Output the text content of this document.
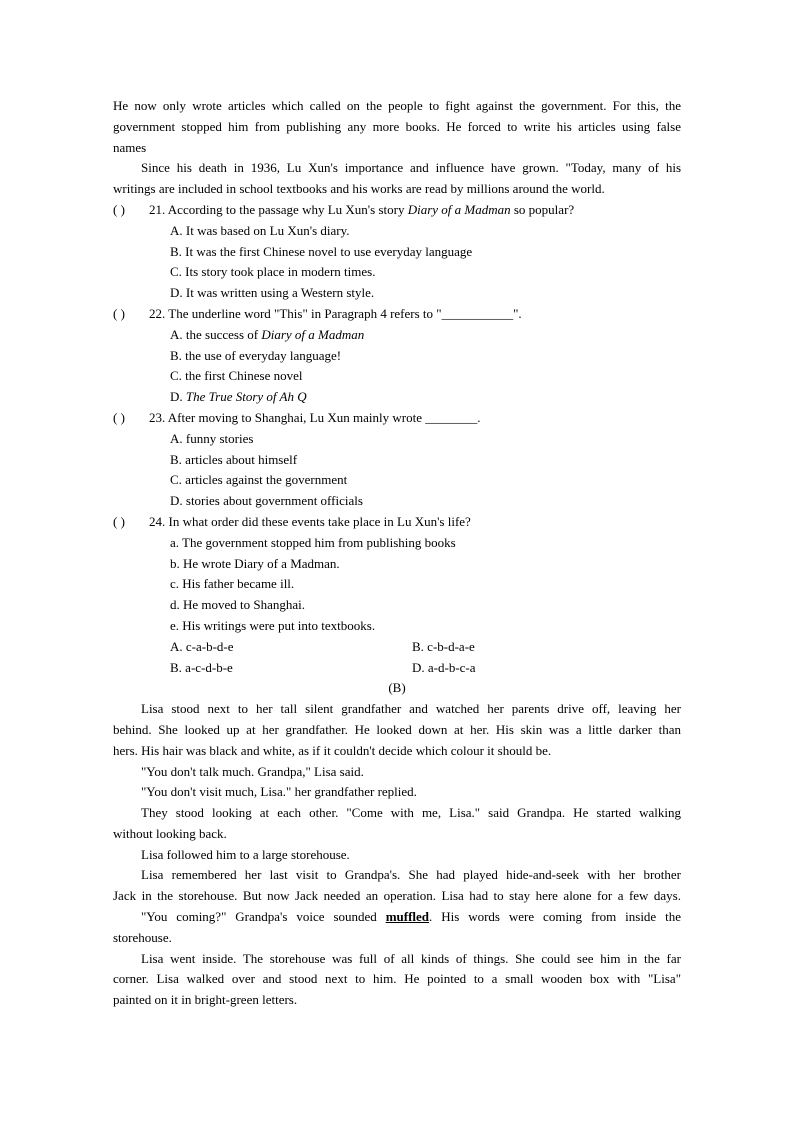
He now only wrote articles which called on the people to fight against the government. For this, the
government stopped him from publishing any more books. He forced to write his articles using false
names
Since his death in 1936, Lu Xun's importance and influence have grown. "Today, many of his
writings are included in school textbooks and his works are read by millions around the world.
( ) 21. According to the passage why Lu Xun's story Diary of a Madman so popular?
A. It was based on Lu Xun's diary.
B. It was the first Chinese novel to use everyday language
C. Its story took place in modern times.
D. It was written using a Western style.
( ) 22. The underline word "This" in Paragraph 4 refers to "___________".
A. the success of Diary of a Madman
B. the use of everyday language!
C. the first Chinese novel
D. The True Story of Ah Q
( ) 23. After moving to Shanghai, Lu Xun mainly wrote ________.
A. funny stories
B. articles about himself
C. articles against the government
D. stories about government officials
( ) 24. In what order did these events take place in Lu Xun's life?
a. The government stopped him from publishing books
b. He wrote Diary of a Madman.
c. His father became ill.
d. He moved to Shanghai.
e. His writings were put into textbooks.
A. c-a-b-d-e	B. c-b-d-a-e
B. a-c-d-b-e	D. a-d-b-c-a
(B)
Lisa stood next to her tall silent grandfather and watched her parents drive off, leaving her
behind. She looked up at her grandfather. He looked down at her. His skin was a little darker than
hers. His hair was black and white, as if it couldn't decide which colour it should be.
"You don't talk much. Grandpa," Lisa said.
"You don't visit much, Lisa." her grandfather replied.
They stood looking at each other. "Come with me, Lisa." said Grandpa. He started walking
without looking back.
Lisa followed him to a large storehouse.
Lisa remembered her last visit to Grandpa's. She had played hide-and-seek with her brother
Jack in the storehouse. But now Jack needed an operation. Lisa had to stay here alone for a few days.
"You coming?" Grandpa's voice sounded muffled. His words were coming from inside the
storehouse.
Lisa went inside. The storehouse was full of all kinds of things. She could see him in the far
corner. Lisa walked over and stood next to him. He pointed to a small wooden box with "Lisa"
painted on it in bright-green letters.
